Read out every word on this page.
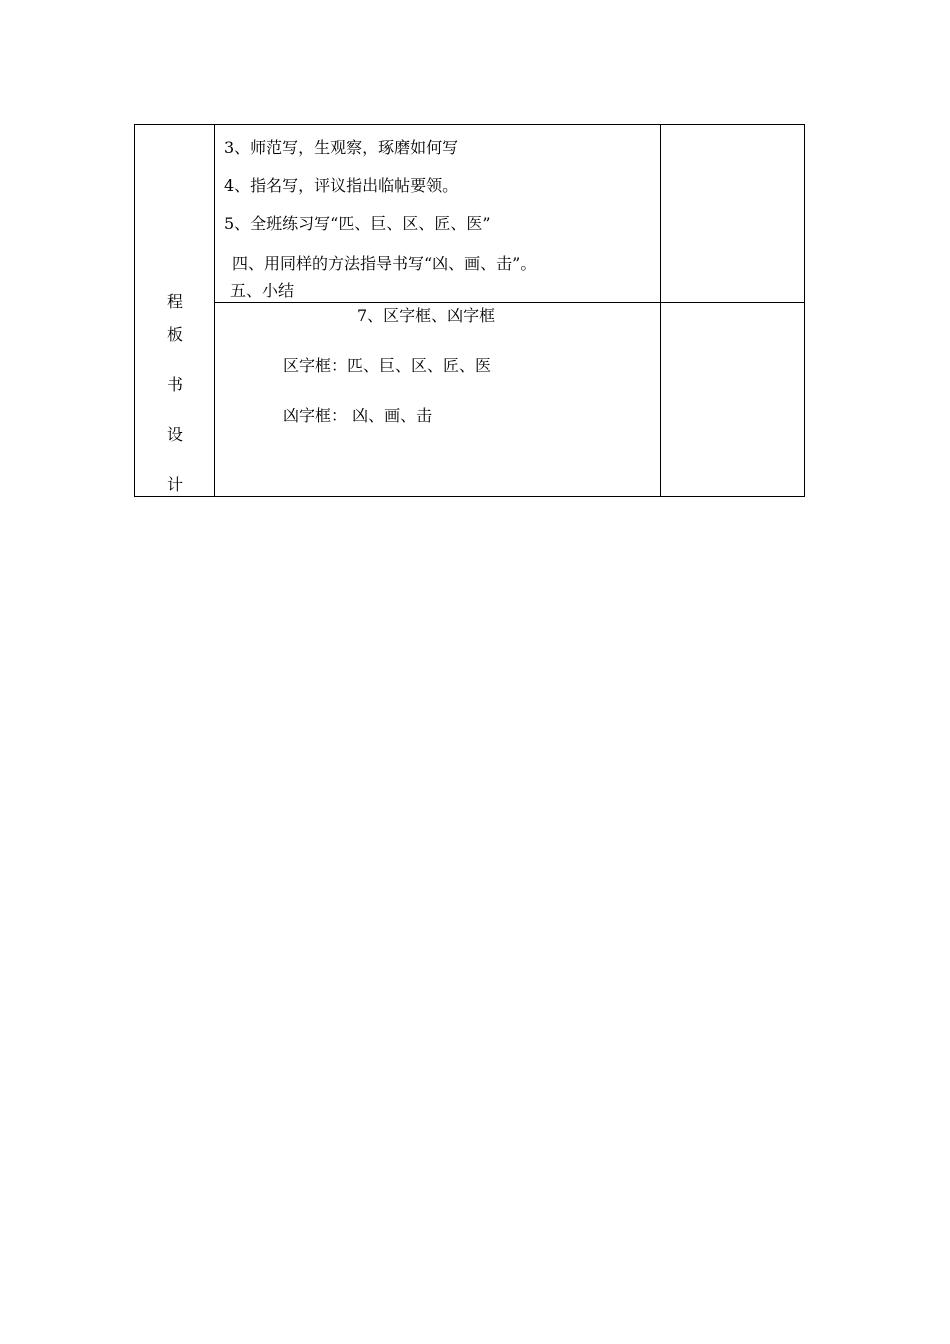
程
板
书
设
计
3、师范写，生观察，琢磨如何写
4、指名写，评议指出临帖要领。
5、全班练习写“匹、巨、区、匠、医”
四、用同样的方法指导书写“凶、画、击”。
五、小结
7、区字框、凶字框
区字框：匹、巨、区、匠、医
凶字框： 凶、画、击
